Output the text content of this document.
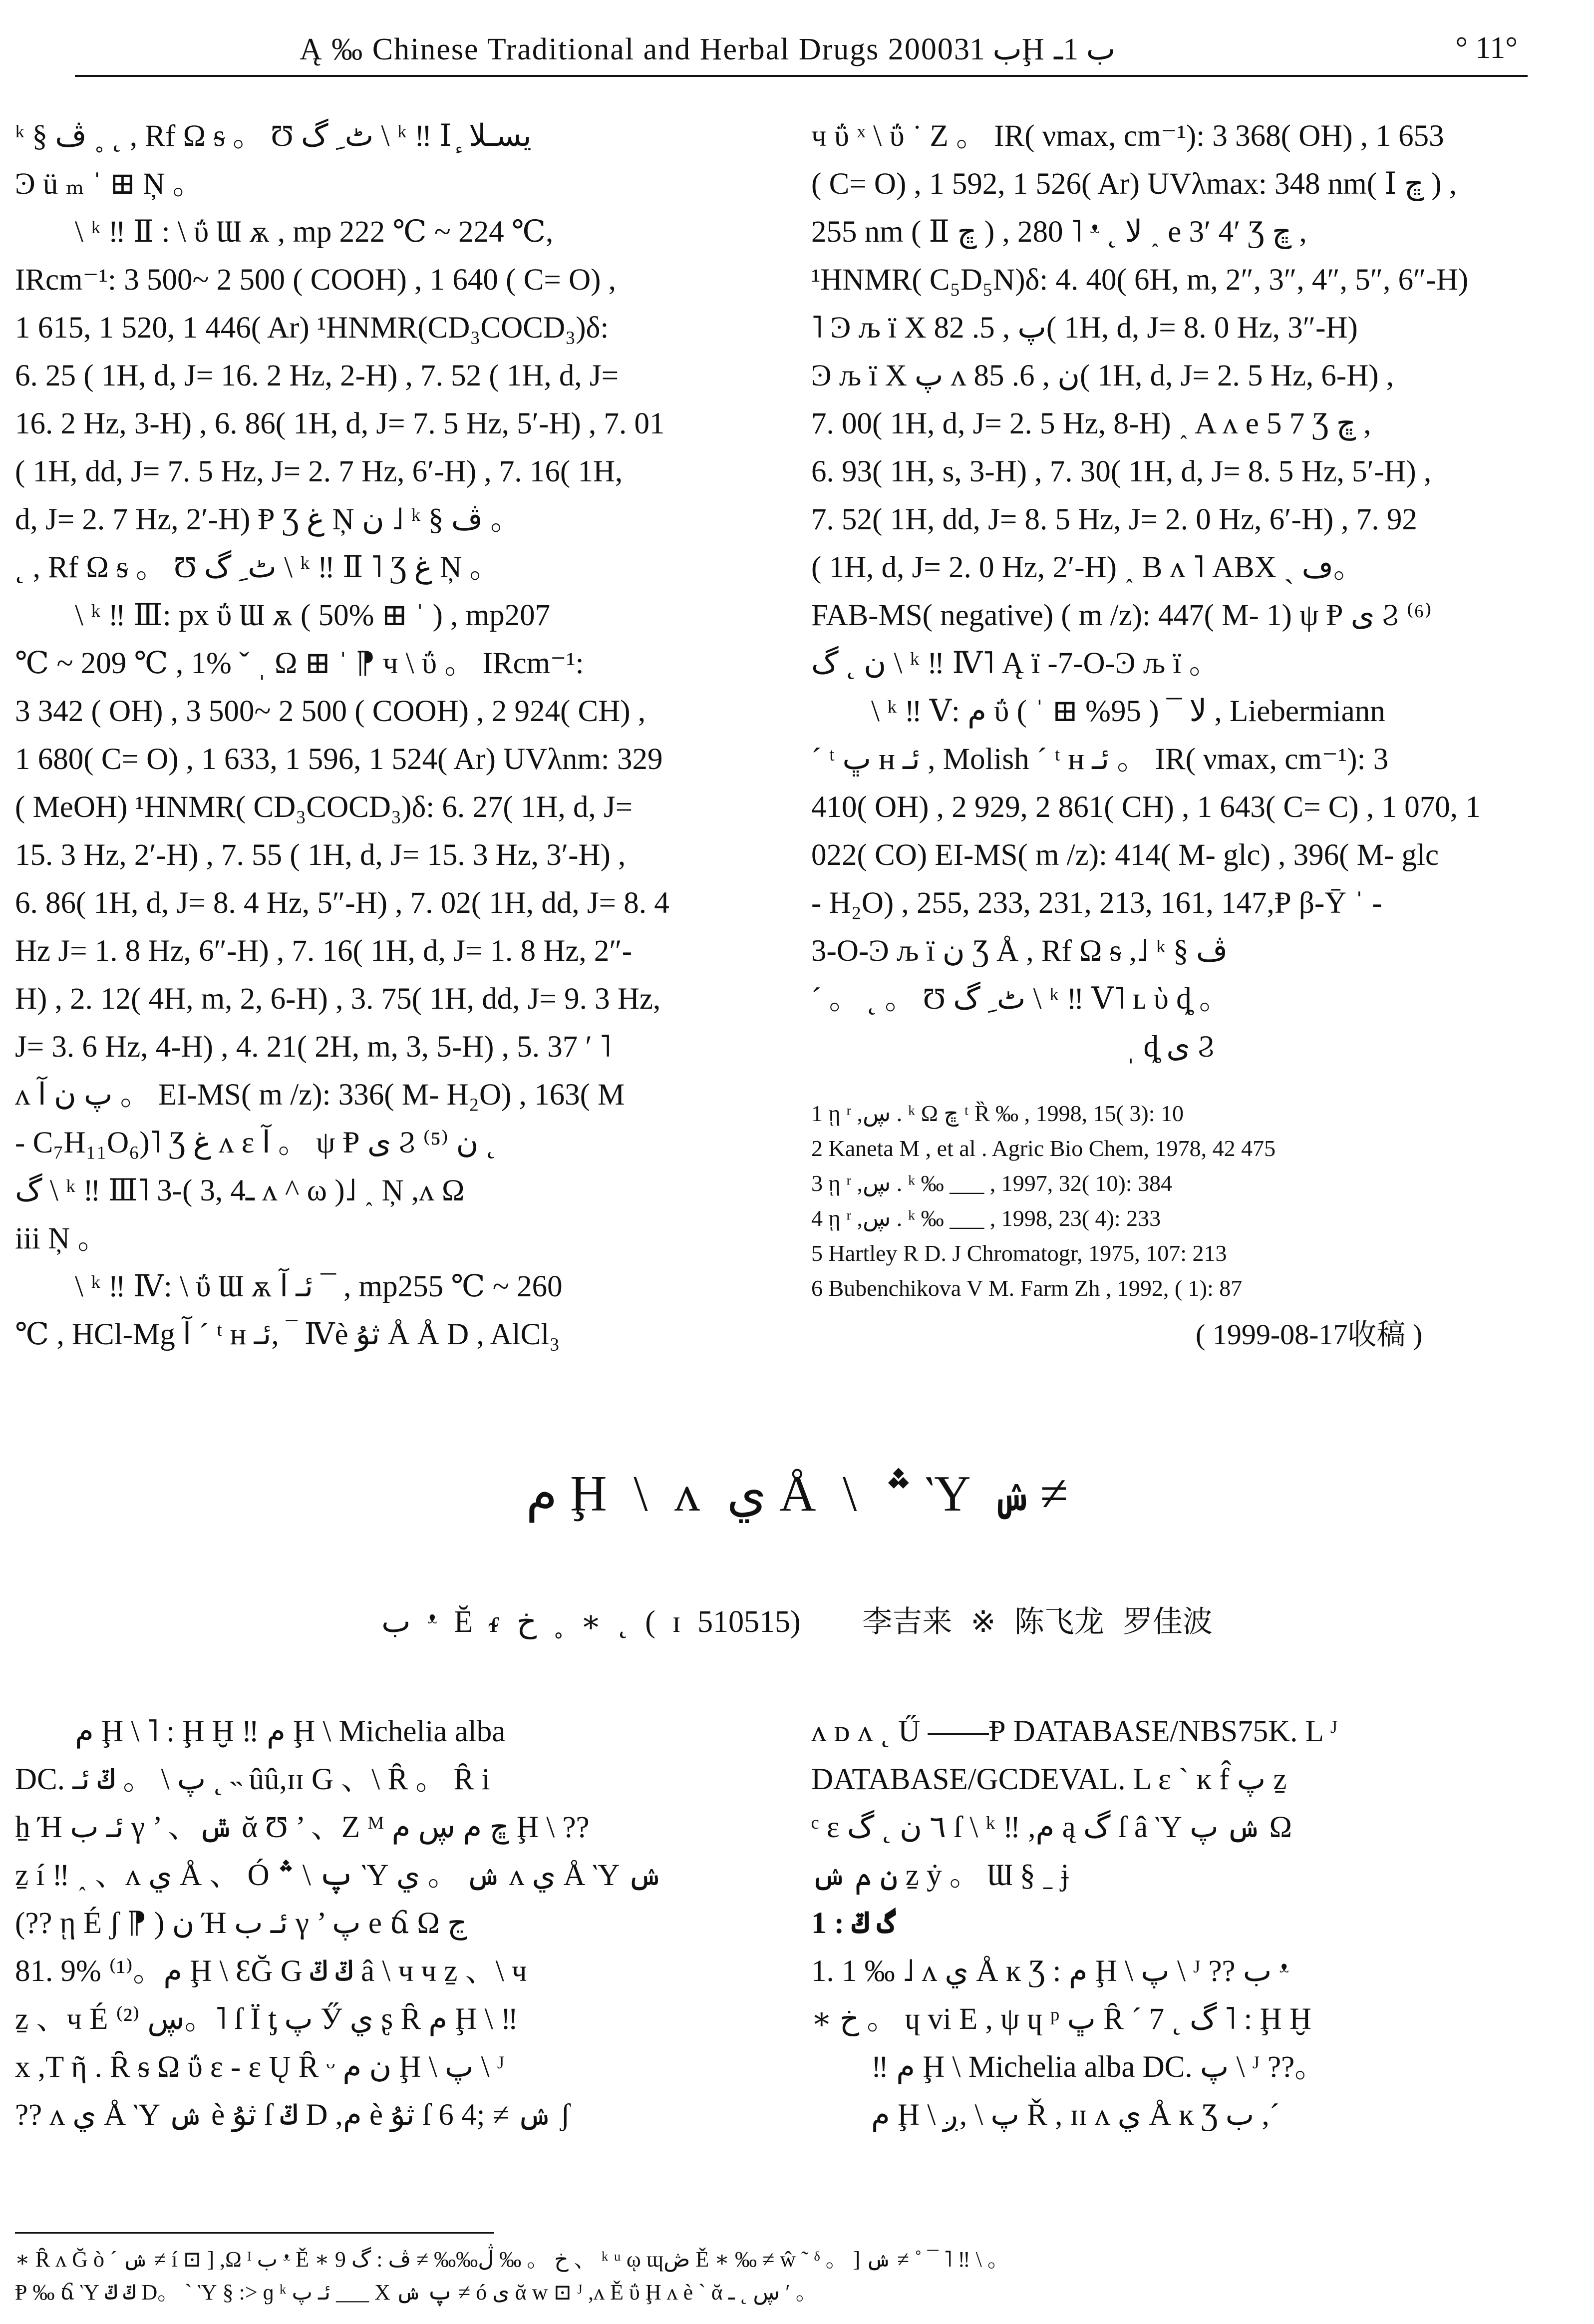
Ą ‰ Chinese Traditional and Herbal Drugs 2000ب 31Ḩ ب 1ـ	° 11°
ᵏ § ڤ ˳ ˛ , Rf Ω ᵴ 。 Ʊ ٹ ِ گ \ ᵏ ‼ Ⅰ ٕ يسـلا
Ͽ ü ₘ ˈ ⊞ Ņ 。
\ ᵏ ‼ Ⅱ : \ ΰ Ɯ ѫ , mp 222 ℃ ~ 224 ℃,
IRcm⁻¹: 3 500~ 2 500 ( COOH) , 1 640 ( C= O) ,
1 615, 1 520, 1 446( Ar) ¹HNMR(CD₃COCD₃)δ:
6. 25 ( 1H, d, J= 16. 2 Hz, 2-H) , 7. 52 ( 1H, d, J=
16. 2 Hz, 3-H) , 6. 86( 1H, d, J= 7. 5 Hz, 5′-H) , 7. 01
( 1H, dd, J= 7. 5 Hz, J= 2. 7 Hz, 6′-H) , 7. 16( 1H,
d, J= 2. 7 Hz, 2′-H) Ᵽ Ʒ غ Ņ ن ˩ ᵏ § ڤ 。
˛ , Rf Ω ᵴ 。 Ʊ ٹ ِ گ \ ᵏ ‼ Ⅱ ˥ Ʒ غ Ņ 。
\ ᵏ ‼ Ⅲ: px ΰ Ɯ ѫ ( 50% ⊞ ˈ ) , mp207
℃ ~ 209 ℃ , 1% ˇ ˌ Ω ⊞ ˈ ⁋ ч \ ΰ 。 IRcm⁻¹:
3 342 ( OH) , 3 500~ 2 500 ( COOH) , 2 924( CH) ,
1 680( C= O) , 1 633, 1 596, 1 524( Ar) UVλnm: 329
( MeOH) ¹HNMR( CD₃COCD₃)δ: 6. 27( 1H, d, J=
15. 3 Hz, 2′-H) , 7. 55 ( 1H, d, J= 15. 3 Hz, 3′-H) ,
6. 86( 1H, d, J= 8. 4 Hz, 5″-H) , 7. 02( 1H, dd, J= 8. 4
Hz J= 1. 8 Hz, 6″-H) , 7. 16( 1H, d, J= 1. 8 Hz, 2″-
H) , 2. 12( 4H, m, 2, 6-H) , 3. 75( 1H, dd, J= 9. 3 Hz,
J= 3. 6 Hz, 4-H) , 4. 21( 2H, m, 3, 5-H) , 5. 37 ʹ ˥
ᴧ پ ن آ 。 EI-MS( m /z): 336( M- H₂O) , 163( M
- C₇H₁₁O₆)˥ Ʒ غ ᴧ ɛ آ 。 ψ Ᵽ ى Ϩ ⁽⁵⁾ ن ˛
گ \ ᵏ ‼ Ⅲ˥ 3-( 3, 4ـ ᴧ ^ ω )˩ ˰ Ņ ,ᴧ Ω
iii Ņ 。
\ ᵏ ‼ Ⅳ: \ ΰ Ɯ ѫ ئـ آ ¯ , mp255 ℃ ~ 260
℃ , HCl-Mg آ ˊ ᵗ ʜ ئـ, ‾ Ⅳè ثۇ Å Å D , AlCl₃
ч ΰ ˣ \ ΰ ˙ Ζ 。 IR( νmax, cm⁻¹): 3 368( OH) , 1 653
( C= O) , 1 592, 1 526( Ar) UVλmax: 348 nm( Ⅰ ڇ ) ,
255 nm ( Ⅱ ڇ ) , 280 ˥ ᵜ ˛ ﻻ ˰ e 3′ 4′ Ʒ ڇ ,
¹HNMR( C₅D₅N)δ: 4. 40( 6H, m, 2″, 3″, 4″, 5″, 6″-H)
˥ Ͽ љ ï Χ پ , 5. 82( 1H, d, J= 8. 0 Hz, 3″-H)
Ͽ љ ï Χ پ ᴧ ن , 6. 85( 1H, d, J= 2. 5 Hz, 6-H) ,
7. 00( 1H, d, J= 2. 5 Hz, 8-H) ˰ A ᴧ e 5 7 Ʒ ڇ ,
6. 93( 1H, s, 3-H) , 7. 30( 1H, d, J= 8. 5 Hz, 5′-H) ,
7. 52( 1H, dd, J= 8. 5 Hz, J= 2. 0 Hz, 6′-H) , 7. 92
( 1H, d, J= 2. 0 Hz, 2′-H) ˰ B ᴧ ˥ ABX ˏ ڡ。
FAB-MS( negative) ( m /z): 447( M- 1) ψ Ᵽ ى Ϩ ⁽⁶⁾
ن ˛ گ \ ᵏ ‼ Ⅳ˥ Ą ï -7-O-Ͽ љ ï 。
\ ᵏ ‼ Ⅴ: م ΰ ﻻ ¯ ( 95% ⊞ ˈ ) , Liebermiann
ˊ ᵗ ڀ ʜ ئـ , Molish ˊ ᵗ ʜ ئـ 。 IR( νmax, cm⁻¹): 3
410( OH) , 2 929, 2 861( CH) , 1 643( C= C) , 1 070, 1
022( CO) EI-MS( m /z): 414( M- glc) , 396( M- glc
- H₂O) , 255, 233, 231, 213, 161, 147,Ᵽ β-Ȳ ˈ -
3-O-Ͽ љ ï ن Ʒ Å , Rf Ω ᵴ ,˩ ᵏ § ڤ
ˊ 。 ˛ 。 Ʊ ٹ ِ گ \ ᵏ ‼ Ⅴ˥ ʟ ὺ ȡ 。
ˌ ȡ ى Ϩ
1 ῃ ʳ ,ڛ . ᵏ Ω ڇ ᵗ Ȑ ‰ , 1998, 15( 3): 10
2 Kaneta M , et al . Agric Bio Chem, 1978, 42 475
3 ῃ ʳ ,ڛ . ᵏ ‰ ___ , 1997, 32( 10): 384
4 ῃ ʳ ,ڛ . ᵏ ‰ ___ , 1998, 23( 4): 233
5 Hartley R D. J Chromatogr, 1975, 107: 213
6 Bubenchikova V M. Farm Zh , 1992, ( 1): 87
( 1999-08-17收稿 )
م Ḩ \ ᴧ ي Å \ ؞ Ὺ ݾ ≠
ب ᵜ Ĕ ᵳ خ ˳ ∗ ˛ ( ɪ 510515) 李吉来 ※ 陈飞龙 罗佳波
م Ḩ \ ˥ : Ḩ Ḫ ‼ م Ḩ \ Michelia alba
DC. پ \ 。 ݿ ئـ ˛ ˵ ûû,ɪɪ G 、\ Ȓ 。 Ȓ i
ẖ Ή ئـ ب γ ’ 、ݜ ᾰ Ʊ ’ 、Ζ ᴹ ڇ م ڛ م Ḩ \ ??
ẕ í ‼ ˰ 、ᴧ ي Å 、 Ó پ \ ؞ Ὺ ݾ 。 ي ᴧ ي Å Ὺ ݾ
(?? ῃ É ʃ ⁋ ) ن Ή ئـ ب γ ’ پ e ճ Ω ڃ
81. 9% ⁽¹⁾。م Ḩ \ ƐĞ G ݿ ݿ â \ ч ч ẕ 、\ ч
ẕ 、ч É ڛ ⁽²⁾。˥ ſ Ϊ ƫ پ Ӳ ي ʂ Ȓ م Ḩ \ ‼
x ,T ῆ . Ȓ ᵴ Ω ΰ ɛ - ɛ Ų Ȓ ᵕ ن م Ḩ \ پ \ ᴶ
?? ᴧ ي Å Ὺ ݾ è ثۇ ſ ݿ D ,ﻡ è ثۇ ſ 6 ݾ ≠ ;4 ʃ
ᴧ ᴅ ᴧ ˛ Ű ——Ᵽ DATABASE/NBS75K. L ᴶ
DATABASE/GCDEVAL. L ɛ ˋ ĸ f̂ پ ẕ
ᶜ ɛ ٦ ن ˛ گ ſ \ ᵏ ‼ ,ﻡ ą گ ſ â Ὺ ݾ پ Ω
ن م ݾ ẕ ẏ 。 Ɯ § ˍ ɉ
1 : گ ݿ
1. 1 ‰ ˩ ᴧ ي Å ĸ Ʒ : م Ḩ \ پ \ ᴶ ?? ب ᵜ
∗ خ 。 ɥ vi E , ψ ɥ ᵖ ڀ Ȓ ˊ 7 ˛ گ ˥ : Ḩ Ḫ
‼ م Ḩ \ Michelia alba DC. پ \ ᴶ ??。
م Ḩ \ پ \ ,ږ Ř , ɪɪ ᴧ ي Å ĸ Ʒ ب ,ˊ
∗ Ȓ ᴧ Ğ ò ˊ ݾ ≠ í ⊡ ] ,Ω ᴵ ب ᵜ Ě ∗ خ 。 ‰ ڷ‰‰ ≠ ڤ : گ 9 、 ᵏ ᵘ ῳ ɰڞ Ě ∗ ‰ ≠ ŵ ˜ ᵟ 。 ] ݾ ≠ ˚ ¯ ˥ ‼ \ 。
Ᵽ ‰ ճ Ὺ ݿ ݿ D。 ˋ Ὺ § :> ɡ ᵏ ئـ پ ___ Χ پ ݾ ≠ ó ى ᾰ w ⊡ ᴶ ,ᴧ Ě ΰ Ḩ ᴧ è ˋ ᾰ ڛ ˛ ـ ʹ 。
